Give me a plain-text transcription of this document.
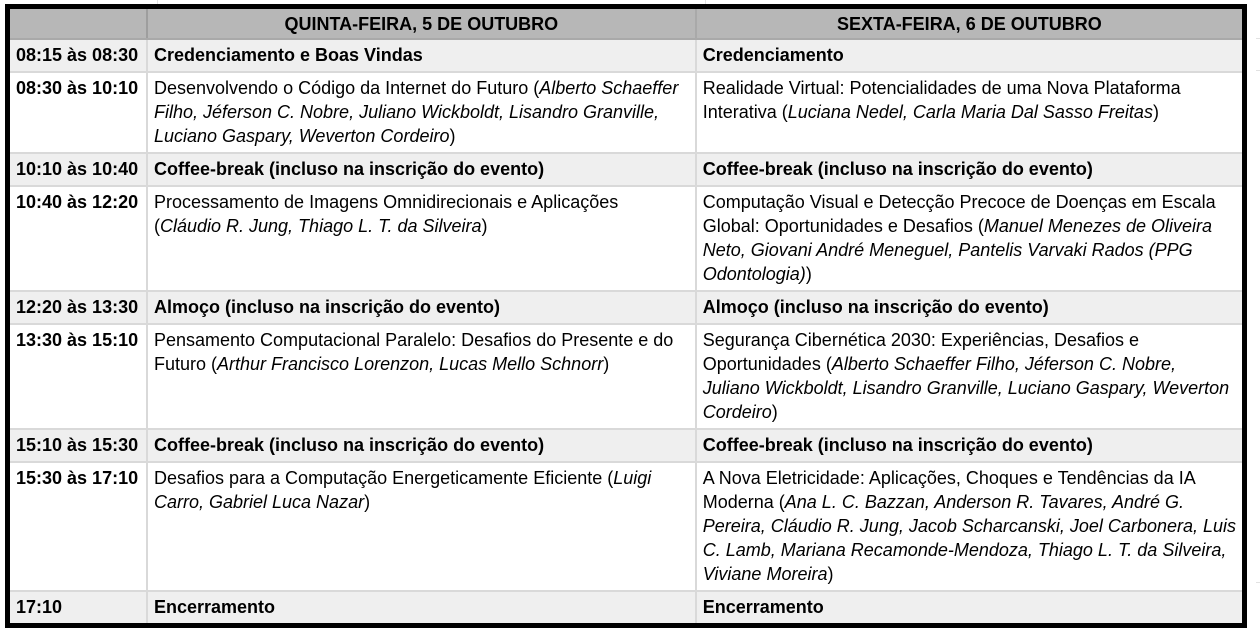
	QUINTA-FEIRA, 5 DE OUTUBRO	SEXTA-FEIRA, 6 DE OUTUBRO
08:15 às 08:30	Credenciamento e Boas Vindas	Credenciamento
08:30 às 10:10	Desenvolvendo o Código da Internet do Futuro (Alberto Schaeffer Filho, Jéferson C. Nobre, Juliano Wickboldt, Lisandro Granville, Luciano Gaspary, Weverton Cordeiro)	Realidade Virtual: Potencialidades de uma Nova Plataforma Interativa (Luciana Nedel, Carla Maria Dal Sasso Freitas)
10:10 às 10:40	Coffee-break (incluso na inscrição do evento)	Coffee-break (incluso na inscrição do evento)
10:40 às 12:20	Processamento de Imagens Omnidirecionais e Aplicações (Cláudio R. Jung, Thiago L. T. da Silveira)	Computação Visual e Detecção Precoce de Doenças em Escala Global: Oportunidades e Desafios (Manuel Menezes de Oliveira Neto, Giovani André Meneguel, Pantelis Varvaki Rados (PPG Odontologia))
12:20 às 13:30	Almoço (incluso na inscrição do evento)	Almoço (incluso na inscrição do evento)
13:30 às 15:10	Pensamento Computacional Paralelo: Desafios do Presente e do Futuro (Arthur Francisco Lorenzon, Lucas Mello Schnorr)	Segurança Cibernética 2030: Experiências, Desafios e Oportunidades (Alberto Schaeffer Filho, Jéferson C. Nobre, Juliano Wickboldt, Lisandro Granville, Luciano Gaspary, Weverton Cordeiro)
15:10 às 15:30	Coffee-break (incluso na inscrição do evento)	Coffee-break (incluso na inscrição do evento)
15:30 às 17:10	Desafios para a Computação Energeticamente Eficiente (Luigi Carro, Gabriel Luca Nazar)	A Nova Eletricidade: Aplicações, Choques e Tendências da IA Moderna (Ana L. C. Bazzan, Anderson R. Tavares, André G. Pereira, Cláudio R. Jung, Jacob Scharcanski, Joel Carbonera, Luis C. Lamb, Mariana Recamonde-Mendoza, Thiago L. T. da Silveira, Viviane Moreira)
17:10	Encerramento	Encerramento
